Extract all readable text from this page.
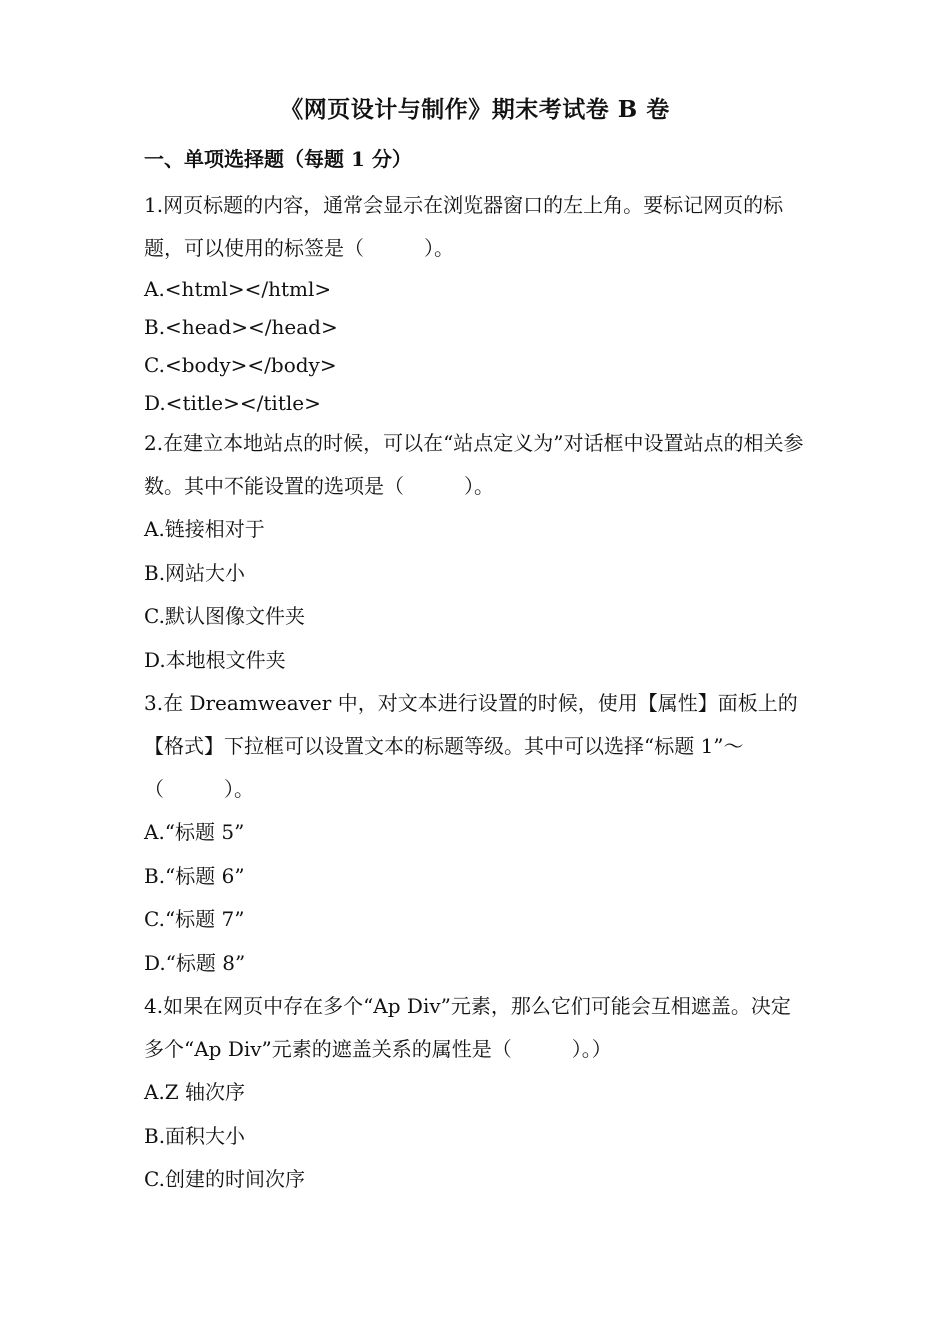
《网页设计与制作》期末考试卷 B 卷
一、单项选择题（每题 1 分）

1.网页标题的内容，通常会显示在浏览器窗口的左上角。要标记网页的标题，可以使用的标签是（　　　）。

A.<html></html>

B.<head></head>

C.<body></body>

D.<title></title>

2.在建立本地站点的时候，可以在“站点定义为”对话框中设置站点的相关参数。其中不能设置的选项是（　　　）。

A.链接相对于

B.网站大小

C.默认图像文件夹

D.本地根文件夹

3.在 Dreamweaver 中，对文本进行设置的时候，使用【属性】面板上的【格式】下拉框可以设置文本的标题等级。其中可以选择“标题 1”～（　　　）。

A.“标题 5”

B.“标题 6”

C.“标题 7”

D.“标题 8”

4.如果在网页中存在多个“Ap Div”元素，那么它们可能会互相遮盖。决定多个“Ap Div”元素的遮盖关系的属性是（　　　）。）

A.Z 轴次序

B.面积大小

C.创建的时间次序
